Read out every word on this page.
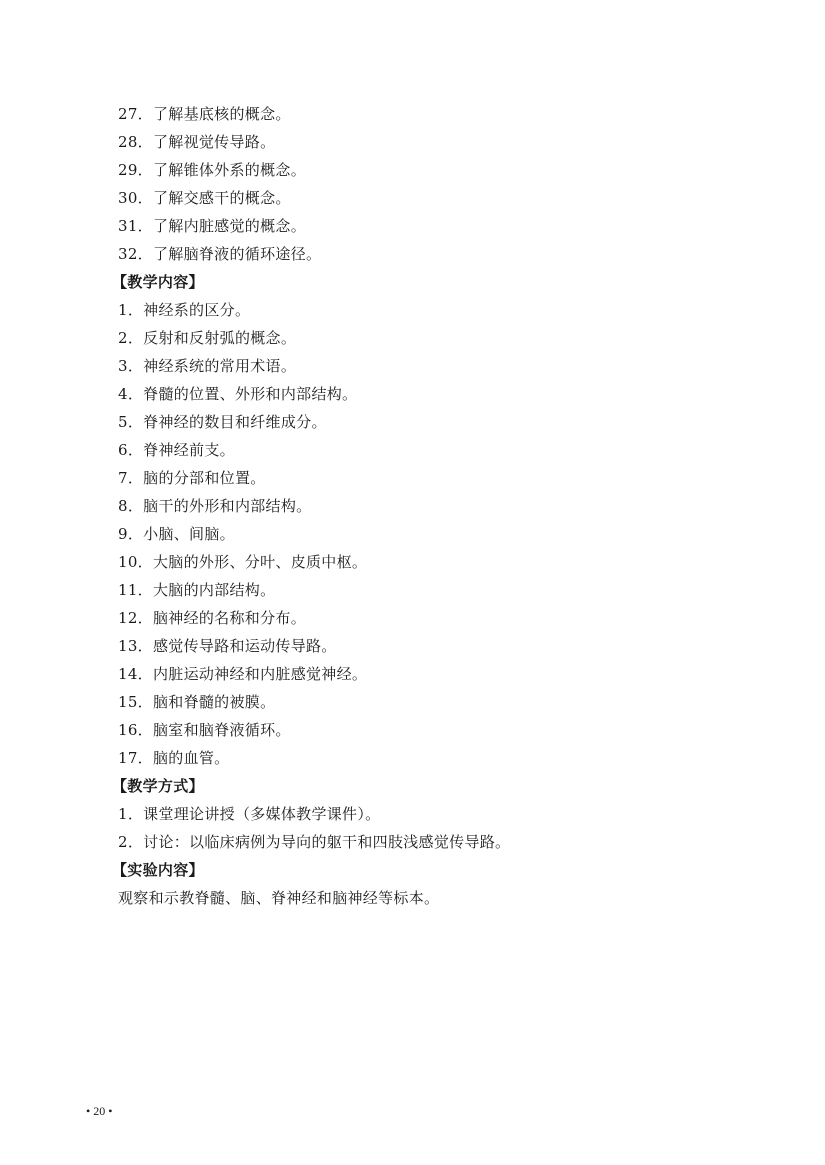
27．了解基底核的概念。
28．了解视觉传导路。
29．了解锥体外系的概念。
30．了解交感干的概念。
31．了解内脏感觉的概念。
32．了解脑脊液的循环途径。
【教学内容】
1．神经系的区分。
2．反射和反射弧的概念。
3．神经系统的常用术语。
4．脊髓的位置、外形和内部结构。
5．脊神经的数目和纤维成分。
6．脊神经前支。
7．脑的分部和位置。
8．脑干的外形和内部结构。
9．小脑、间脑。
10．大脑的外形、分叶、皮质中枢。
11．大脑的内部结构。
12．脑神经的名称和分布。
13．感觉传导路和运动传导路。
14．内脏运动神经和内脏感觉神经。
15．脑和脊髓的被膜。
16．脑室和脑脊液循环。
17．脑的血管。
【教学方式】
1．课堂理论讲授（多媒体教学课件）。
2．讨论：以临床病例为导向的躯干和四肢浅感觉传导路。
【实验内容】
观察和示教脊髓、脑、脊神经和脑神经等标本。
• 20 •
